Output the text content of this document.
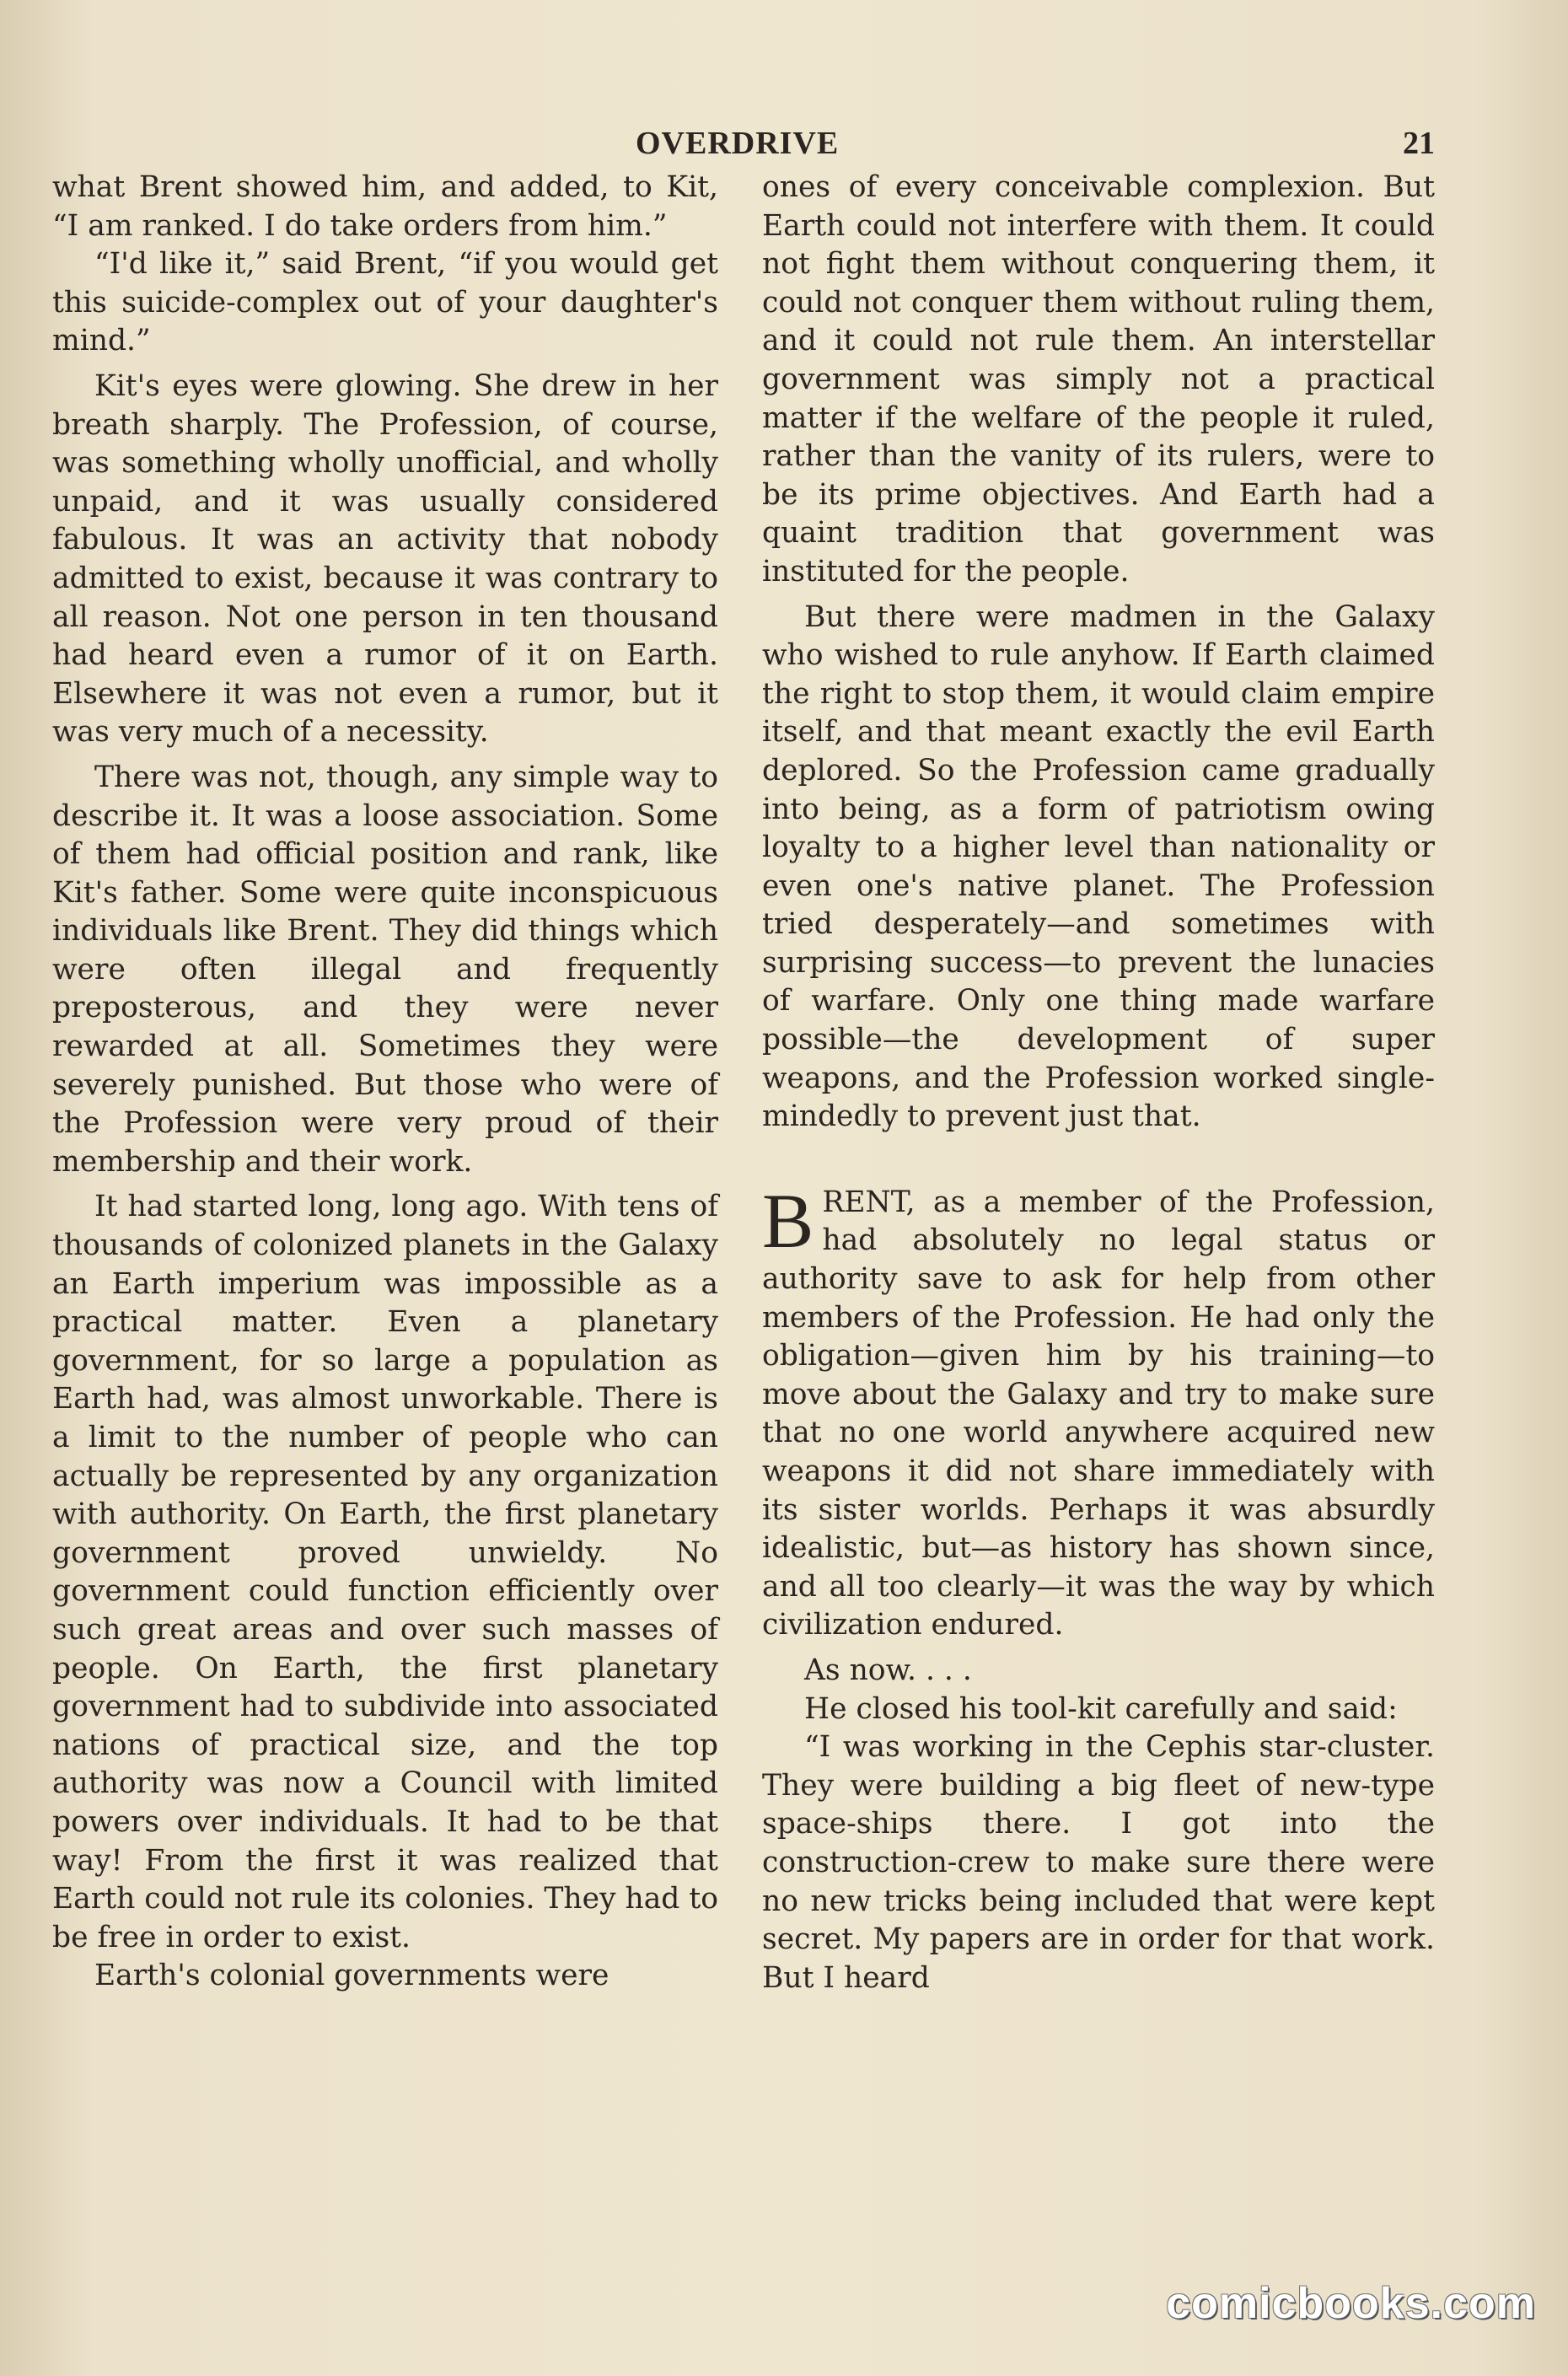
OVERDRIVE	21

what Brent showed him, and added, to Kit, “I am ranked. I do take orders from him.”

“I'd like it,” said Brent, “if you would get this suicide-complex out of your daughter's mind.”

Kit's eyes were glowing. She drew in her breath sharply. The Profession, of course, was something wholly unofficial, and wholly unpaid, and it was usually considered fabulous. It was an activity that nobody admitted to exist, because it was contrary to all reason. Not one person in ten thousand had heard even a rumor of it on Earth. Elsewhere it was not even a rumor, but it was very much of a necessity.

There was not, though, any simple way to describe it. It was a loose association. Some of them had official position and rank, like Kit's father. Some were quite inconspicuous individuals like Brent. They did things which were often illegal and frequently preposterous, and they were never rewarded at all. Sometimes they were severely punished. But those who were of the Profession were very proud of their membership and their work.

It had started long, long ago. With tens of thousands of colonized planets in the Galaxy an Earth imperium was impossible as a practical matter. Even a planetary government, for so large a population as Earth had, was almost unworkable. There is a limit to the number of people who can actually be represented by any organization with authority. On Earth, the first planetary government proved unwieldy. No government could function efficiently over such great areas and over such masses of people. On Earth, the first planetary government had to subdivide into associated nations of practical size, and the top authority was now a Council with limited powers over individuals. It had to be that way! From the first it was realized that Earth could not rule its colonies. They had to be free in order to exist.

Earth's colonial governments were

ones of every conceivable complexion. But Earth could not interfere with them. It could not fight them without conquering them, it could not conquer them without ruling them, and it could not rule them. An interstellar government was simply not a practical matter if the welfare of the people it ruled, rather than the vanity of its rulers, were to be its prime objectives. And Earth had a quaint tradition that government was instituted for the people.

But there were madmen in the Galaxy who wished to rule anyhow. If Earth claimed the right to stop them, it would claim empire itself, and that meant exactly the evil Earth deplored. So the Profession came gradually into being, as a form of patriotism owing loyalty to a higher level than nationality or even one's native planet. The Profession tried desperately—and sometimes with surprising success—to prevent the lunacies of warfare. Only one thing made warfare possible—the development of super weapons, and the Profession worked single-mindedly to prevent just that.

BRENT, as a member of the Profession, had absolutely no legal status or authority save to ask for help from other members of the Profession. He had only the obligation—given him by his training—to move about the Galaxy and try to make sure that no one world anywhere acquired new weapons it did not share immediately with its sister worlds. Perhaps it was absurdly idealistic, but—as history has shown since, and all too clearly—it was the way by which civilization endured.

As now. . . .

He closed his tool-kit carefully and said:

“I was working in the Cephis star-cluster. They were building a big fleet of new-type space-ships there. I got into the construction-crew to make sure there were no new tricks being included that were kept secret. My papers are in order for that work. But I heard

comicbooks.com
